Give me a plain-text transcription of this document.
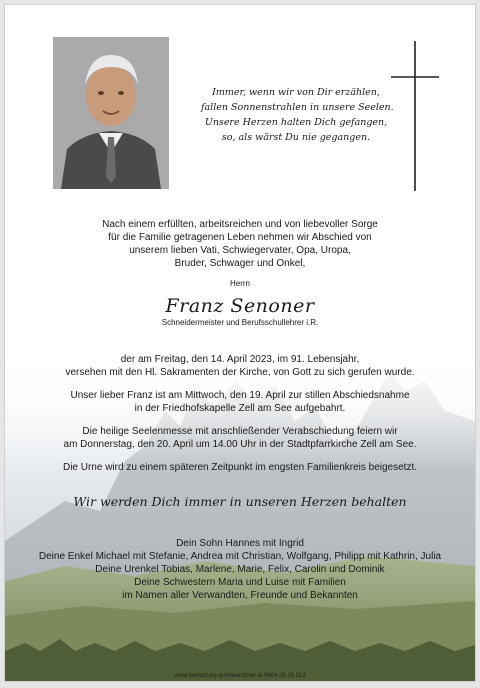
Immer, wenn wir von Dir erzählen,
fallen Sonnenstrahlen in unsere Seelen.
Unsere Herzen halten Dich gefangen,
so, als wärst Du nie gegangen.
Nach einem erfüllten, arbeitsreichen und von liebevoller Sorge
für die Familie getragenen Leben nehmen wir Abschied von
unserem lieben Vati, Schwiegervater, Opa, Uropa,
Bruder, Schwager und Onkel,
Herrn
Franz Senoner
Schneidermeister und Berufsschullehrer i.R.
der am Freitag, den 14. April 2023, im 91. Lebensjahr,
versehen mit den Hl. Sakramenten der Kirche, von Gott zu sich gerufen wurde.
Unser lieber Franz ist am Mittwoch, den 19. April zur stillen Abschiedsnahme
in der Friedhofskapelle Zell am See aufgebahrt.
Die heilige Seelenmesse mit anschließender Verabschiedung feiern wir
am Donnerstag, den 20. April um 14.00 Uhr in der Stadtpfarrkirche Zell am See.
Die Urne wird zu einem späteren Zeitpunkt im engsten Familienkreis beigesetzt.
Wir werden Dich immer in unseren Herzen behalten
Dein Sohn Hannes mit Ingrid
Deine Enkel Michael mit Stefanie, Andrea mit Christian, Wolfgang, Philipp mit Kathrin, Julia
Deine Urenkel Tobias, Marlene, Marie, Felix, Carolin und Dominik
Deine Schwestern Maria und Luise mit Familien
im Namen aller Verwandten, Freunde und Bekannten
www.bestattung-gschwandtner.at 0664 28 28 013
